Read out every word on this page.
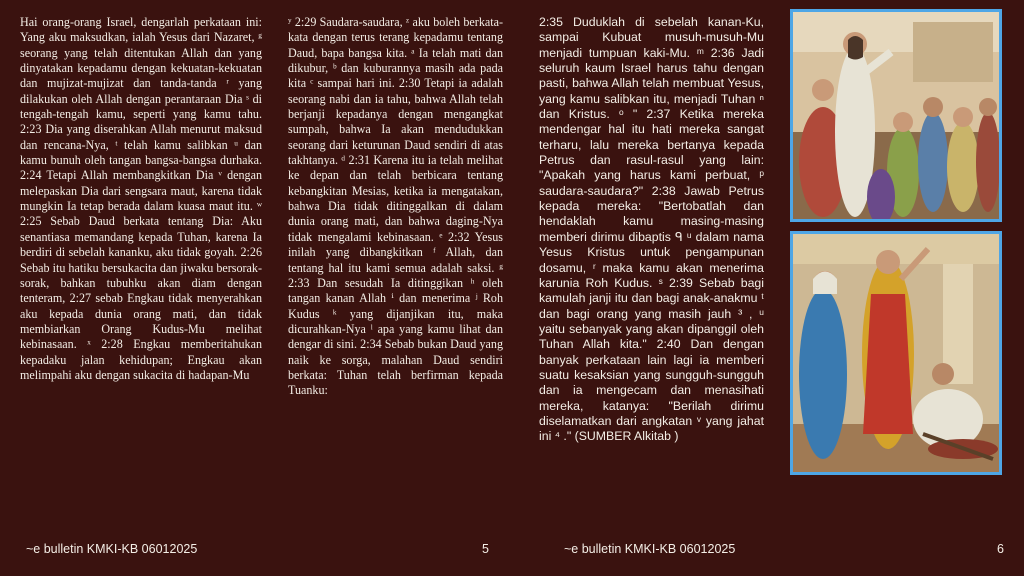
Hai orang-orang Israel, dengarlah perkataan ini: Yang aku maksudkan, ialah Yesus dari Nazaret, ᵍ seorang yang telah ditentukan Allah dan yang dinyatakan kepadamu dengan kekuatan-kekuatan dan mujizat-mujizat dan tanda-tanda ʳ yang dilakukan oleh Allah dengan perantaraan Dia ˢ di tengah-tengah kamu, seperti yang kamu tahu. 2:23 Dia yang diserahkan Allah menurut maksud dan rencana-Nya, ᵗ telah kamu salibkan ᵘ dan kamu bunuh oleh tangan bangsa-bangsa durhaka. 2:24 Tetapi Allah membangkitkan Dia ᵛ dengan melepaskan Dia dari sengsara maut, karena tidak mungkin Ia tetap berada dalam kuasa maut itu. ʷ 2:25 Sebab Daud berkata tentang Dia: Aku senantiasa memandang kepada Tuhan, karena Ia berdiri di sebelah kananku, aku tidak goyah. 2:26 Sebab itu hatiku bersukacita dan jiwaku bersorak-sorak, bahkan tubuhku akan diam dengan tenteram, 2:27 sebab Engkau tidak menyerahkan aku kepada dunia orang mati, dan tidak membiarkan Orang Kudus-Mu melihat kebinasaan. ˣ 2:28 Engkau memberitahukan kepadaku jalan kehidupan; Engkau akan melimpahi aku dengan sukacita di hadapan-Mu
ʸ 2:29 Saudara-saudara, ᶻ aku boleh berkata-kata dengan terus terang kepadamu tentang Daud, bapa bangsa kita. ᵃ Ia telah mati dan dikubur, ᵇ dan kuburannya masih ada pada kita ᶜ sampai hari ini. 2:30 Tetapi ia adalah seorang nabi dan ia tahu, bahwa Allah telah berjanji kepadanya dengan mengangkat sumpah, bahwa Ia akan mendudukkan seorang dari keturunan Daud sendiri di atas takhtanya. ᵈ 2:31 Karena itu ia telah melihat ke depan dan telah berbicara tentang kebangkitan Mesias, ketika ia mengatakan, bahwa Dia tidak ditinggalkan di dalam dunia orang mati, dan bahwa daging-Nya tidak mengalami kebinasaan. ᵉ 2:32 Yesus inilah yang dibangkitkan ᶠ Allah, dan tentang hal itu kami semua adalah saksi. ᵍ 2:33 Dan sesudah Ia ditinggikan ʰ oleh tangan kanan Allah ⁱ dan menerima ʲ Roh Kudus ᵏ yang dijanjikan itu, maka dicurahkan-Nya ˡ apa yang kamu lihat dan dengar di sini. 2:34 Sebab bukan Daud yang naik ke sorga, malahan Daud sendiri berkata: Tuhan telah berfirman kepada Tuanku:
2:35 Duduklah di sebelah kanan-Ku, sampai Kubuat musuh-musuh-Mu menjadi tumpuan kaki-Mu. ᵐ 2:36 Jadi seluruh kaum Israel harus tahu dengan pasti, bahwa Allah telah membuat Yesus, yang kamu salibkan itu, menjadi Tuhan ⁿ dan Kristus. ᵒ " 2:37 Ketika mereka mendengar hal itu hati mereka sangat terharu, lalu mereka bertanya kepada Petrus dan rasul-rasul yang lain: "Apakah yang harus kami perbuat, ᵖ saudara-saudara?" 2:38 Jawab Petrus kepada mereka: "Bertobatlah dan hendaklah kamu masing-masing memberi dirimu dibaptis ᑫ ᵘ dalam nama Yesus Kristus untuk pengampunan dosamu, ʳ maka kamu akan menerima karunia Roh Kudus. ˢ 2:39 Sebab bagi kamulah janji itu dan bagi anak-anakmu ᵗ dan bagi orang yang masih jauh ³ , ᵘ yaitu sebanyak yang akan dipanggil oleh Tuhan Allah kita." 2:40 Dan dengan banyak perkataan lain lagi ia memberi suatu kesaksian yang sungguh-sungguh dan ia mengecam dan menasihati mereka, katanya: "Berilah dirimu diselamatkan dari angkatan ᵛ yang jahat ini ⁴ ." (SUMBER Alkitab )
~e bulletin KMKI-KB 06012025	5	~e bulletin KMKI-KB 06012025	6
